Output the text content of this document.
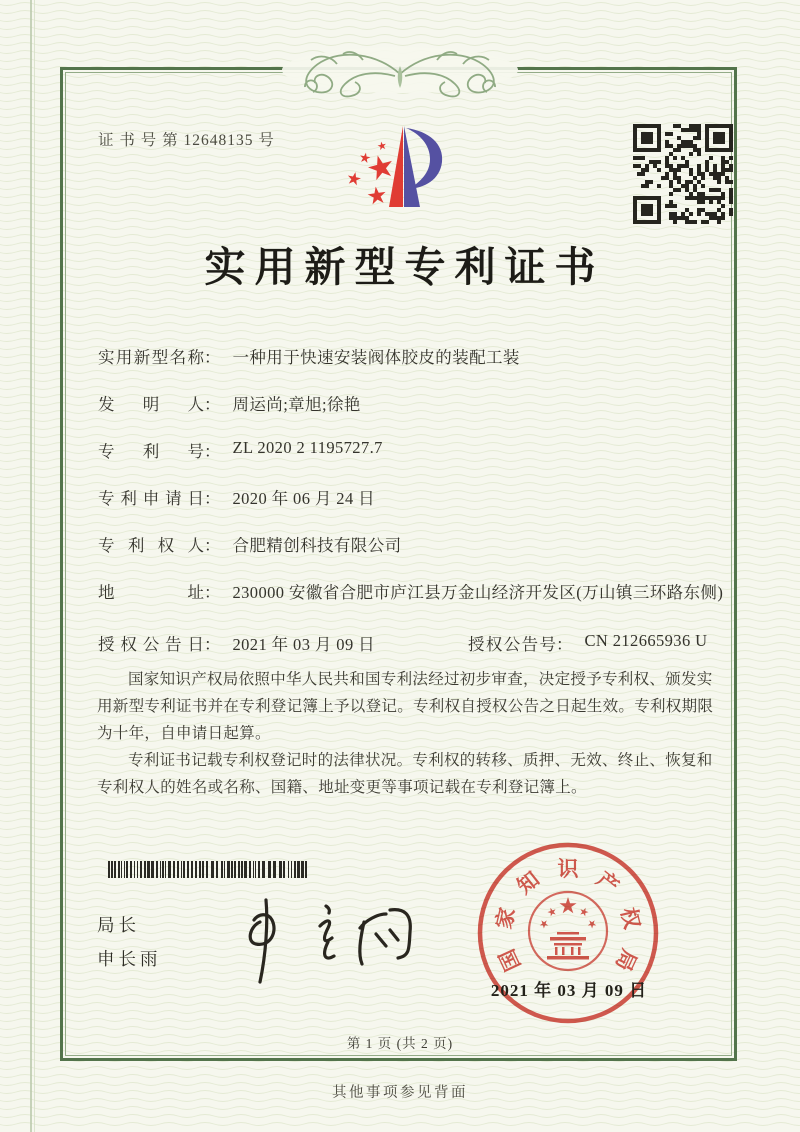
证 书 号 第 12648135 号
实用新型专利证书
实用新型名称 ： 一种用于快速安装阀体胶皮的装配工装
发明人 ： 周运尚;章旭;徐艳
专利号 ： ZL 2020 2 1195727.7
专利申请日 ： 2020 年 06 月 24 日
专利权人 ： 合肥精创科技有限公司
地址 ： 230000 安徽省合肥市庐江县万金山经济开发区(万山镇三环路东侧)
授权公告日 ： 2021 年 03 月 09 日	授权公告号 ： CN 212665936 U

国家知识产权局依照中华人民共和国专利法经过初步审查，决定授予专利权、颁发实用新型专利证书并在专利登记簿上予以登记。专利权自授权公告之日起生效。专利权期限为十年，自申请日起算。

专利证书记载专利权登记时的法律状况。专利权的转移、质押、无效、终止、恢复和专利权人的姓名或名称、国籍、地址变更等事项记载在专利登记簿上。

局长
申长雨	国
家
知 识 产
权
局
2021 年 03 月 09 日
第 1 页 (共 2 页)
其他事项参见背面
